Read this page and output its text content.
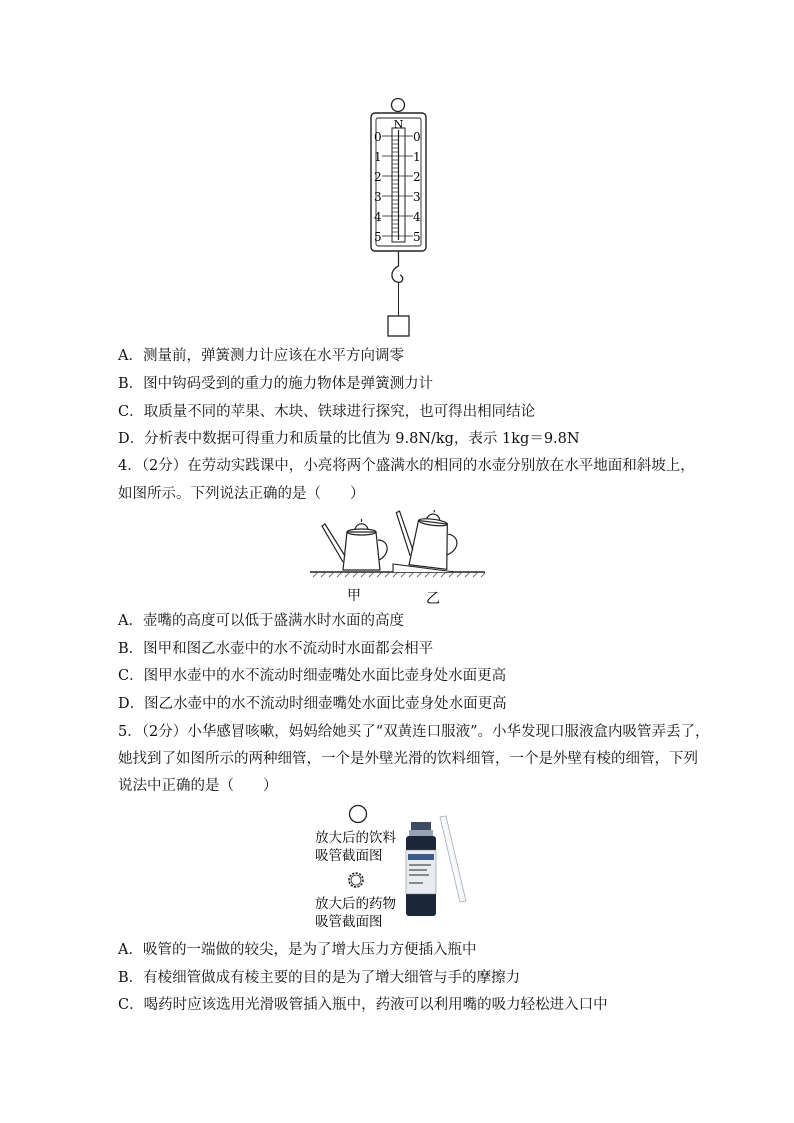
N
0
1
2
3
4
5
0
1
2
3
4
5
A．测量前，弹簧测力计应该在水平方向调零
B．图中钩码受到的重力的施力物体是弹簧测力计
C．取质量不同的苹果、木块、铁球进行探究，也可得出相同结论
D．分析表中数据可得重力和质量的比值为 9.8N/kg，表示 1kg＝9.8N
4．（2分）在劳动实践课中，小亮将两个盛满水的相同的水壶分别放在水平地面和斜坡上，
如图所示。下列说法正确的是（　　）
甲	乙
A．壶嘴的高度可以低于盛满水时水面的高度
B．图甲和图乙水壶中的水不流动时水面都会相平
C．图甲水壶中的水不流动时细壶嘴处水面比壶身处水面更高
D．图乙水壶中的水不流动时细壶嘴处水面比壶身处水面更高
5．（2分）小华感冒咳嗽，妈妈给她买了“双黄连口服液”。小华发现口服液盒内吸管弄丢了，
她找到了如图所示的两种细管，一个是外壁光滑的饮料细管，一个是外壁有棱的细管，下列
说法中正确的是（　　）
放大后的饮料
吸管截面图
放大后的药物
吸管截面图
A．吸管的一端做的较尖，是为了增大压力方便插入瓶中
B．有棱细管做成有棱主要的目的是为了增大细管与手的摩擦力
C．喝药时应该选用光滑吸管插入瓶中，药液可以利用嘴的吸力轻松进入口中
